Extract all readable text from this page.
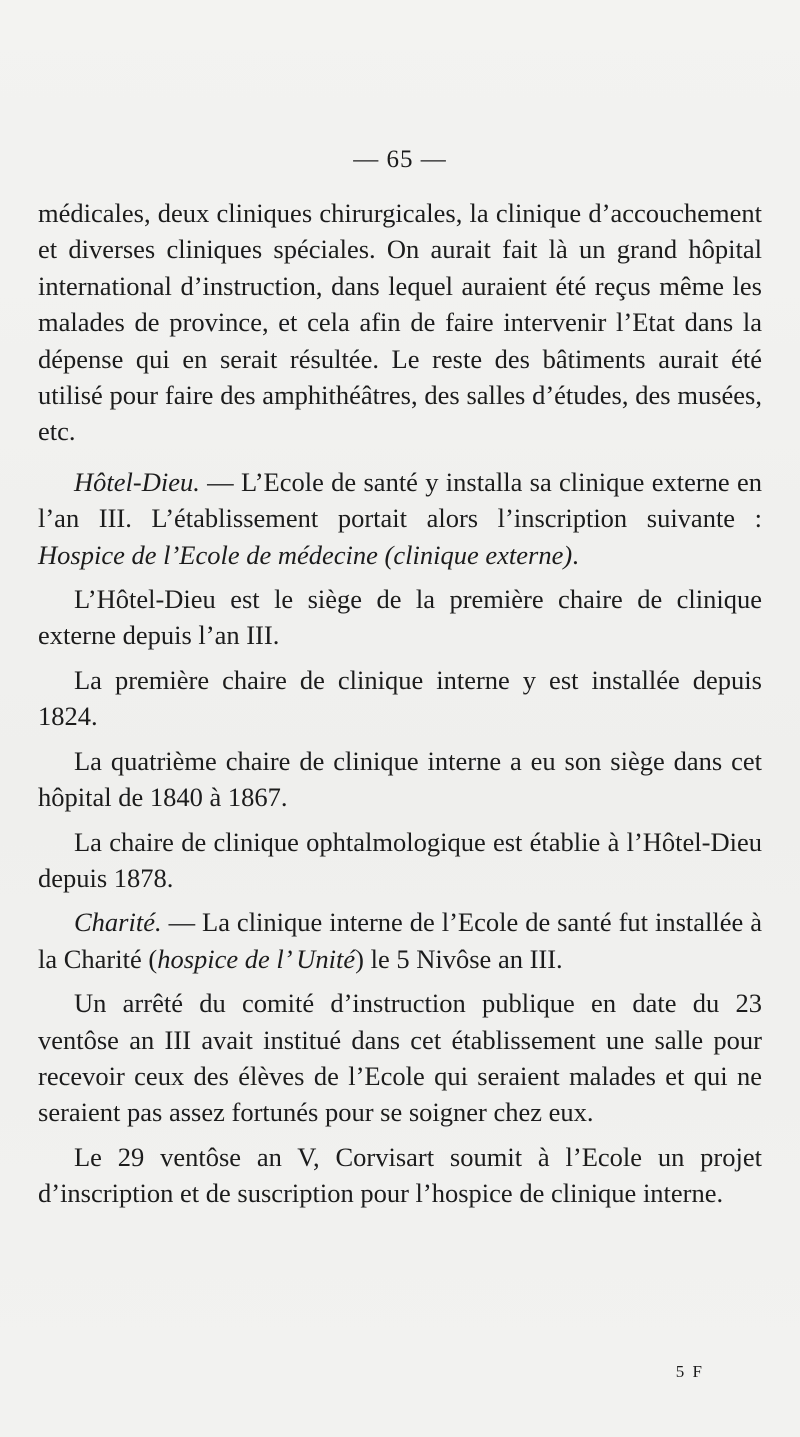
— 65 —

médicales, deux cliniques chirurgicales, la clinique d’accouchement et diverses cliniques spéciales. On aurait fait là un grand hôpital international d’instruction, dans lequel auraient été reçus même les malades de province, et cela afin de faire intervenir l’Etat dans la dépense qui en serait résultée. Le reste des bâtiments aurait été utilisé pour faire des amphithéâtres, des salles d’études, des musées, etc.

Hôtel-Dieu. — L’Ecole de santé y installa sa clinique externe en l’an III. L’établissement portait alors l’inscription suivante : Hospice de l’Ecole de médecine (clinique externe).

L’Hôtel-Dieu est le siège de la première chaire de clinique externe depuis l’an III.

La première chaire de clinique interne y est installée depuis 1824.

La quatrième chaire de clinique interne a eu son siège dans cet hôpital de 1840 à 1867.

La chaire de clinique ophtalmologique est établie à l’Hôtel-Dieu depuis 1878.

Charité. — La clinique interne de l’Ecole de santé fut installée à la Charité (hospice de l’ Unité) le 5 Nivôse an III.

Un arrêté du comité d’instruction publique en date du 23 ventôse an III avait institué dans cet établissement une salle pour recevoir ceux des élèves de l’Ecole qui seraient malades et qui ne seraient pas assez fortunés pour se soigner chez eux.

Le 29 ventôse an V, Corvisart soumit à l’Ecole un projet d’inscription et de suscription pour l’hospice de clinique interne.

5 F
